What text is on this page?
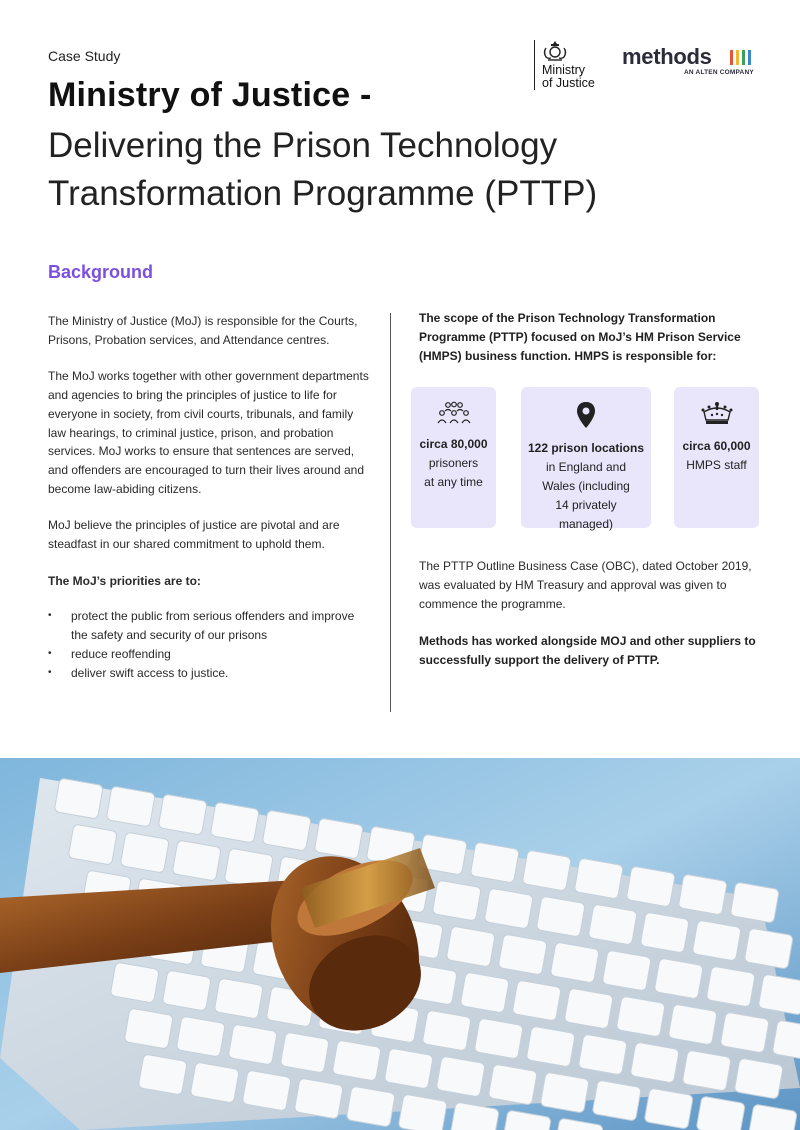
Case Study
Ministry of Justice -
Delivering the Prison Technology
Transformation Programme (PTTP)
Ministry
of Justice
methods
AN ALTEN COMPANY
Background

The Ministry of Justice (MoJ) is responsible for the Courts, Prisons, Probation services, and Attendance centres.

The MoJ works together with other government departments and agencies to bring the principles of justice to life for everyone in society, from civil courts, tribunals, and family law hearings, to criminal justice, prison, and probation services. MoJ works to ensure that sentences are served, and offenders are encouraged to turn their lives around and become law-abiding citizens.

MoJ believe the principles of justice are pivotal and are steadfast in our shared commitment to uphold them.

The MoJ’s priorities are to:
• protect the public from serious offenders and improve the safety and security of our prisons
• reduce reoffending
• deliver swift access to justice.
The scope of the Prison Technology Transformation Programme (PTTP) focused on MoJ’s HM Prison Service (HMPS) business function. HMPS is responsible for:
circa 80,000
prisoners at any time
122 prison locations
in England and Wales (including 14 privately managed)
circa 60,000
HMPS staff

The PTTP Outline Business Case (OBC), dated October 2019, was evaluated by HM Treasury and approval was given to commence the programme.

Methods has worked alongside MOJ and other suppliers to successfully support the delivery of PTTP.
